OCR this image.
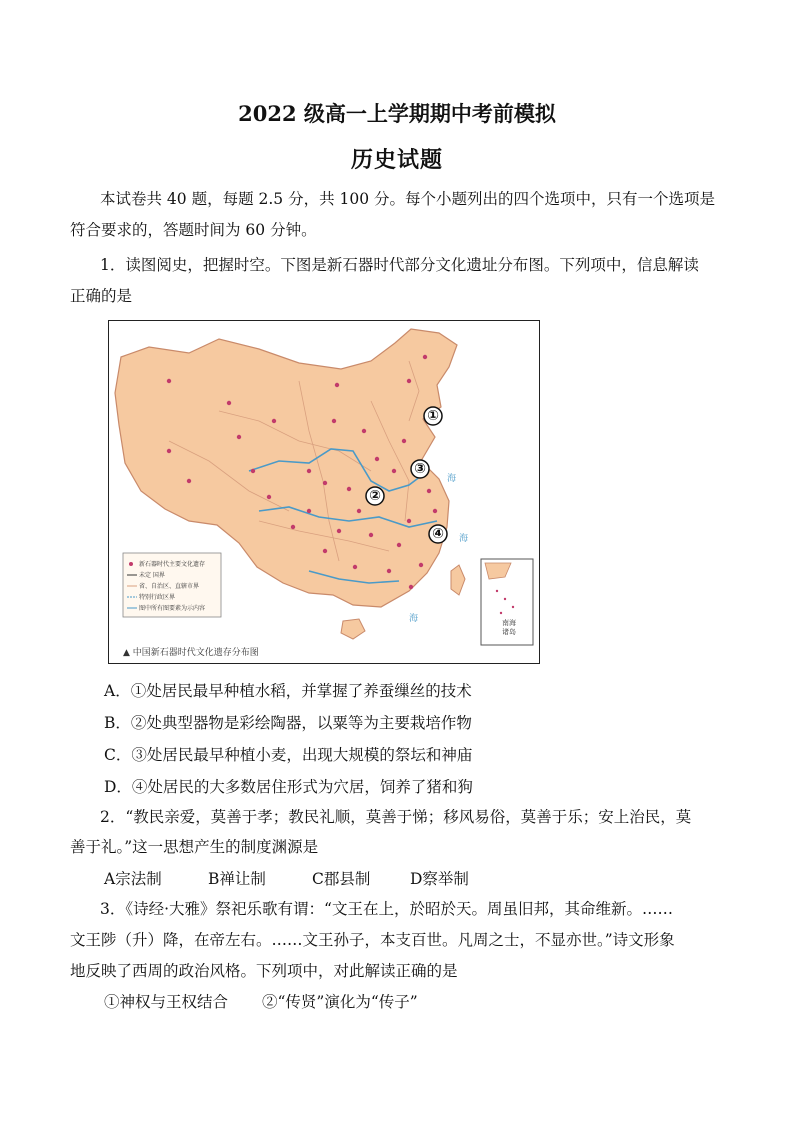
2022 级高一上学期期中考前模拟
历史试题
本试卷共 40 题，每题 2.5 分，共 100 分。每个小题列出的四个选项中，只有一个选项是
符合要求的，答题时间为 60 分钟。
1．读图阅史，把握时空。下图是新石器时代部分文化遗址分布图。下列项中，信息解读
正确的是
海
海
海
新石器时代主要文化遗存
未定 国界
省、自治区、直辖市界
特别行政区界
图中所有图要素为示内容
▲ 中国新石器时代文化遗存分布图
①
②
③
④
南海
诸岛
A．①处居民最早种植水稻，并掌握了养蚕缫丝的技术
B．②处典型器物是彩绘陶器，以粟等为主要栽培作物
C．③处居民最早种植小麦，出现大规模的祭坛和神庙
D．④处居民的大多数居住形式为穴居，饲养了猪和狗
2．“教民亲爱，莫善于孝；教民礼顺，莫善于悌；移风易俗，莫善于乐；安上治民，莫
善于礼。”这一思想产生的制度渊源是
A宗法制	B禅让制	C郡县制	D察举制
3．《诗经·大雅》祭祀乐歌有谓：“文王在上，於昭於天。周虽旧邦，其命维新。……
文王陟（升）降，在帝左右。……文王孙子，本支百世。凡周之士，不显亦世。”诗文形象
地反映了西周的政治风格。下列项中，对此解读正确的是
①神权与王权结合 ②“传贤”演化为“传子”
